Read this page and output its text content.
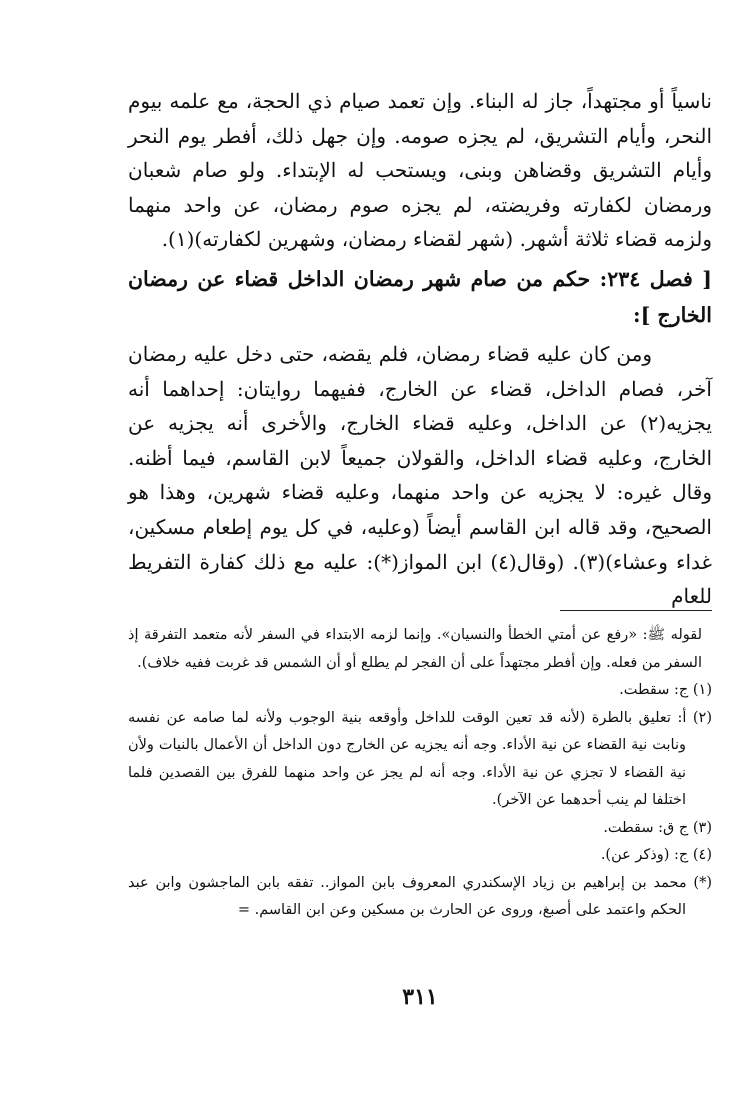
ناسياً أو مجتهداً، جاز له البناء. وإن تعمد صيام ذي الحجة، مع علمه بيوم النحر، وأيام التشريق، لم يجزه صومه. وإن جهل ذلك، أفطر يوم النحر وأيام التشريق وقضاهن وبنى، ويستحب له الإبتداء. ولو صام شعبان ورمضان لكفارته وفريضته، لم يجزه صوم رمضان، عن واحد منهما ولزمه قضاء ثلاثة أشهر. (شهر لقضاء رمضان، وشهرين لكفارته)(١).

[ فصل ٢٣٤: حكم من صام شهر رمضان الداخل قضاء عن رمضان الخارج ]:

ومن كان عليه قضاء رمضان، فلم يقضه، حتى دخل عليه رمضان آخر، فصام الداخل، قضاء عن الخارج، ففيهما روايتان: إحداهما أنه يجزيه(٢) عن الداخل، وعليه قضاء الخارج، والأخرى أنه يجزيه عن الخارج، وعليه قضاء الداخل، والقولان جميعاً لابن القاسم، فيما أظنه. وقال غيره: لا يجزيه عن واحد منهما، وعليه قضاء شهرين، وهذا هو الصحيح، وقد قاله ابن القاسم أيضاً (وعليه، في كل يوم إطعام مسكين، غداء وعشاء)(٣). (وقال(٤) ابن المواز(*): عليه مع ذلك كفارة التفريط للعام

لقوله ﷺ: «رفع عن أمتي الخطأ والنسيان». وإنما لزمه الابتداء في السفر لأنه متعمد التفرقة إذ السفر من فعله. وإن أفطر مجتهداً على أن الفجر لم يطلع أو أن الشمس قد غربت ففيه خلاف).

(١) ج: سقطت.

(٢) أ: تعليق بالطرة (لأنه قد تعين الوقت للداخل وأوقعه بنية الوجوب ولأنه لما صامه عن نفسه ونابت نية القضاء عن نية الأداء. وجه أنه يجزيه عن الخارج دون الداخل أن الأعمال بالنيات ولأن نية القضاء لا تجزي عن نية الأداء. وجه أنه لم يجز عن واحد منهما للفرق بين القصدين فلما اختلفا لم ينب أحدهما عن الآخر).

(٣) ج ق: سقطت.

(٤) ج: (وذكر عن).

(*) محمد بن إبراهيم بن زياد الإسكندري المعروف بابن المواز.. تفقه بابن الماجشون وابن عبد الحكم واعتمد على أصبغ، وروى عن الحارث بن مسكين وعن ابن القاسم. =

٣١١
